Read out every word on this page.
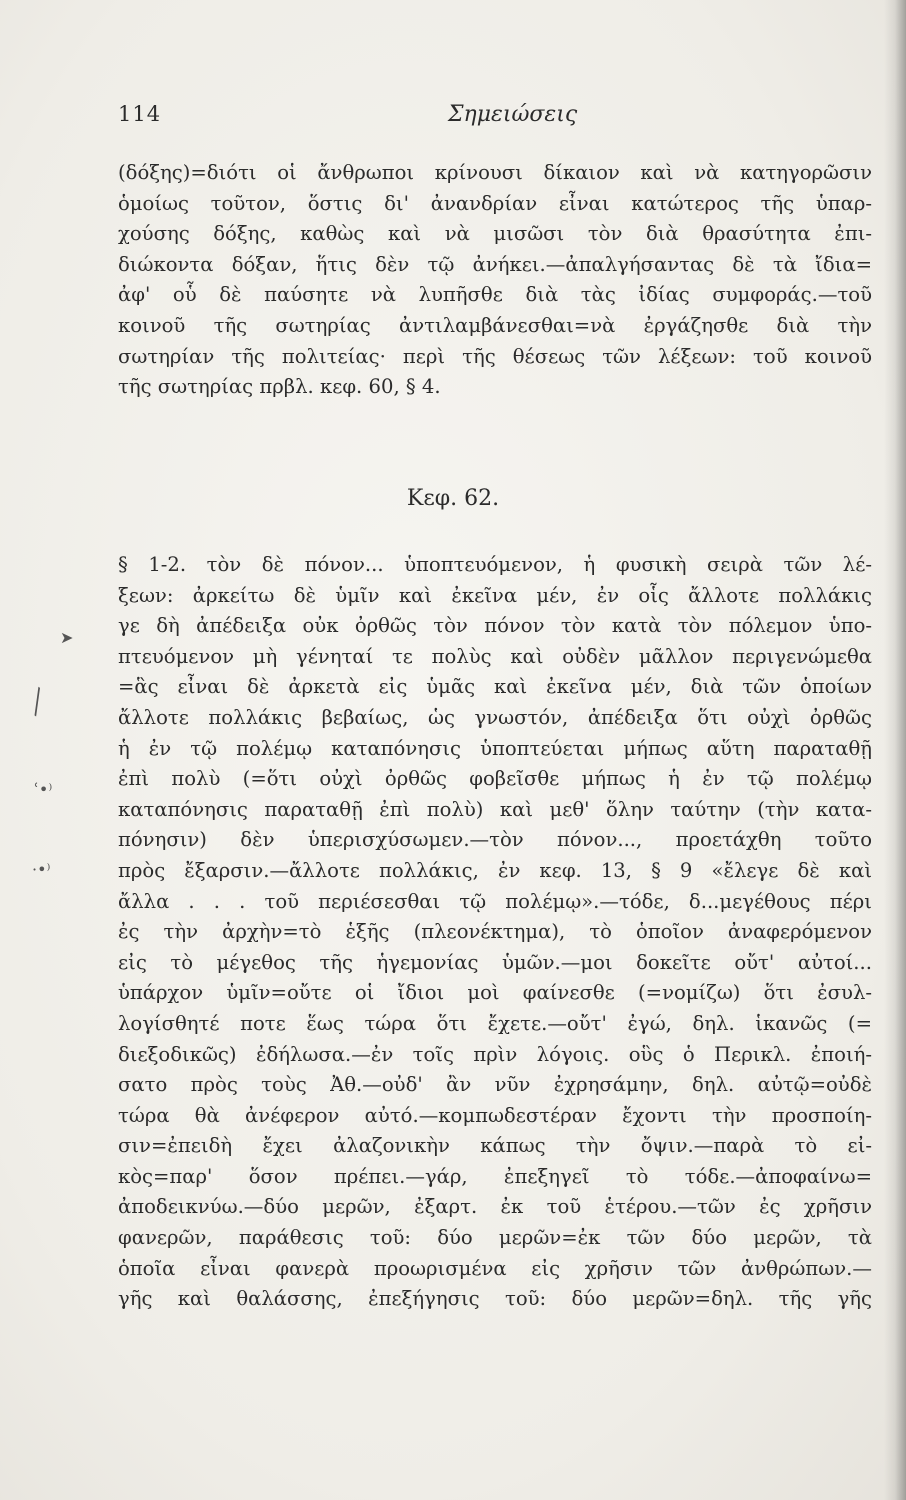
114	Σημειώσεις
(δόξης)=διότι οἱ ἄνθρωποι κρίνουσι δίκαιον καὶ νὰ κατηγορῶσιν
ὁμοίως τοῦτον, ὅστις δι' ἀνανδρίαν εἶναι κατώτερος τῆς ὑπαρ-
χούσης δόξης, καθὼς καὶ νὰ μισῶσι τὸν διὰ θρασύτητα ἐπι-
διώκοντα δόξαν, ἥτις δὲν τῷ ἀνήκει.—ἀπαλγήσαντας δὲ τὰ ἴδια=
ἀφ' οὗ δὲ παύσητε νὰ λυπῆσθε διὰ τὰς ἰδίας συμφοράς.—τοῦ
κοινοῦ τῆς σωτηρίας ἀντιλαμβάνεσθαι=νὰ ἐργάζησθε διὰ τὴν
σωτηρίαν τῆς πολιτείας· περὶ τῆς θέσεως τῶν λέξεων: τοῦ κοινοῦ
τῆς σωτηρίας πρβλ. κεφ. 60, § 4.
Κεφ. 62.
§ 1-2. τὸν δὲ πόνον... ὑποπτευόμενον, ἡ φυσικὴ σειρὰ τῶν λέ-
ξεων: ἀρκείτω δὲ ὑμῖν καὶ ἐκεῖνα μέν, ἐν οἷς ἄλλοτε πολλάκις
γε δὴ ἀπέδειξα οὐκ ὀρθῶς τὸν πόνον τὸν κατὰ τὸν πόλεμον ὑπο-
πτευόμενον μὴ γένηταί τε πολὺς καὶ οὐδὲν μᾶλλον περιγενώμεθα
=ἃς εἶναι δὲ ἀρκετὰ εἰς ὑμᾶς καὶ ἐκεῖνα μέν, διὰ τῶν ὁποίων
ἄλλοτε πολλάκις βεβαίως, ὡς γνωστόν, ἀπέδειξα ὅτι οὐχὶ ὀρθῶς
ἡ ἐν τῷ πολέμῳ καταπόνησις ὑποπτεύεται μήπως αὕτη παραταθῇ
ἐπὶ πολὺ (=ὅτι οὐχὶ ὀρθῶς φοβεῖσθε μήπως ἡ ἐν τῷ πολέμῳ
καταπόνησις παραταθῇ ἐπὶ πολὺ) καὶ μεθ' ὅλην ταύτην (τὴν κατα-
πόνησιν) δὲν ὑπερισχύσωμεν.—τὸν πόνον..., προετάχθη τοῦτο
πρὸς ἔξαρσιν.—ἄλλοτε πολλάκις, ἐν κεφ. 13, § 9 «ἔλεγε δὲ καὶ
ἄλλα . . . τοῦ περιέσεσθαι τῷ πολέμῳ».—τόδε, δ...μεγέθους πέρι
ἐς τὴν ἀρχὴν=τὸ ἑξῆς (πλεονέκτημα), τὸ ὁποῖον ἀναφερόμενον
εἰς τὸ μέγεθος τῆς ἡγεμονίας ὑμῶν.—μοι δοκεῖτε οὔτ' αὐτοί...
ὑπάρχον ὑμῖν=οὔτε οἱ ἴδιοι μοὶ φαίνεσθε (=νομίζω) ὅτι ἐσυλ-
λογίσθητέ ποτε ἕως τώρα ὅτι ἔχετε.—οὔτ' ἐγώ, δηλ. ἱκανῶς (=
διεξοδικῶς) ἐδήλωσα.—ἐν τοῖς πρὶν λόγοις. οὓς ὁ Περικλ. ἐποιή-
σατο πρὸς τοὺς Ἀθ.—οὐδ' ἂν νῦν ἐχρησάμην, δηλ. αὐτῷ=οὐδὲ
τώρα θὰ ἀνέφερον αὐτό.—κομπωδεστέραν ἔχοντι τὴν προσποίη-
σιν=ἐπειδὴ ἔχει ἀλαζονικὴν κάπως τὴν ὄψιν.—παρὰ τὸ εἰ-
κὸς=παρ' ὅσον πρέπει.—γάρ, ἐπεξηγεῖ τὸ τόδε.—ἀποφαίνω=
ἀποδεικνύω.—δύο μερῶν, ἐξαρτ. ἐκ τοῦ ἑτέρου.—τῶν ἐς χρῆσιν
φανερῶν, παράθεσις τοῦ: δύο μερῶν=ἐκ τῶν δύο μερῶν, τὰ
ὁποῖα εἶναι φανερὰ προωρισμένα εἰς χρῆσιν τῶν ἀνθρώπων.—
γῆς καὶ θαλάσσης, ἐπεξήγησις τοῦ: δύο μερῶν=δηλ. τῆς γῆς
➤
╲
ʿ•⁾
·•⁾
